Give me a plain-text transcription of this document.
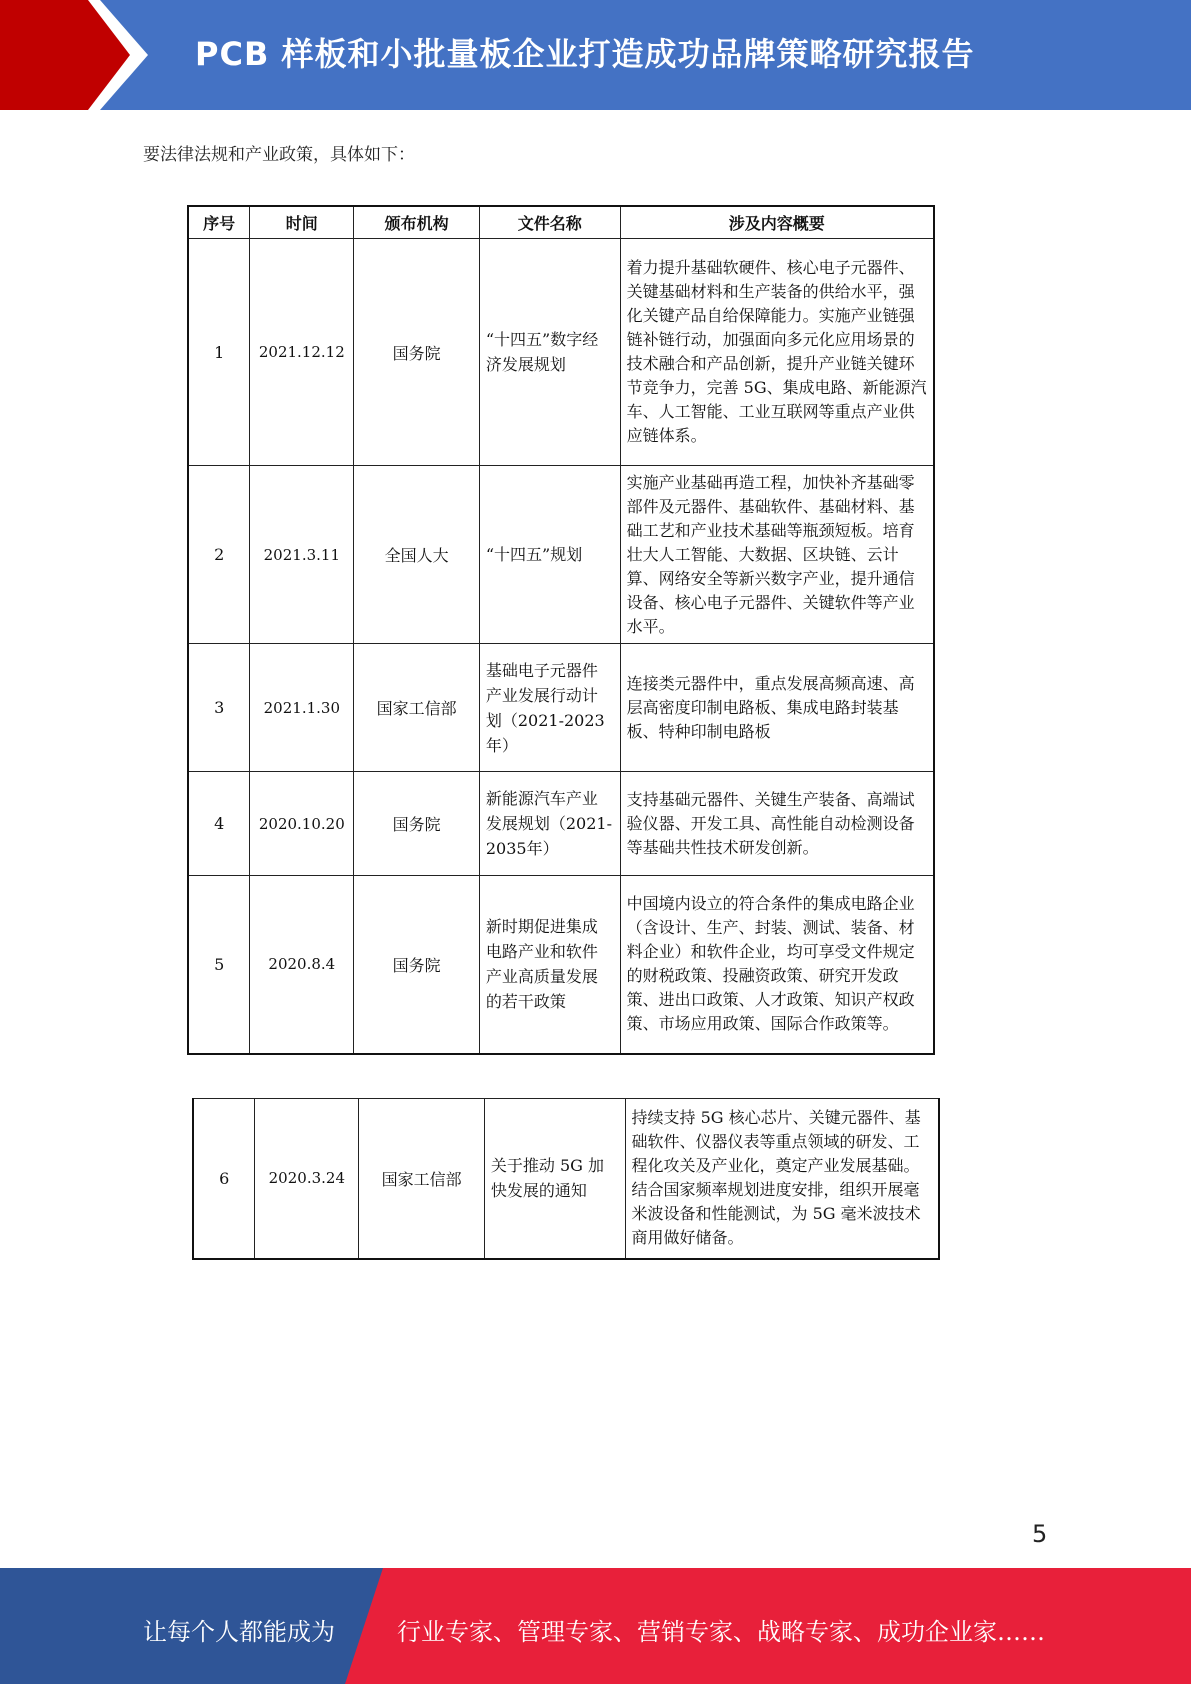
PCB 样板和小批量板企业打造成功品牌策略研究报告
要法律法规和产业政策，具体如下：
序号	时间	颁布机构	文件名称	涉及内容概要
1	2021.12.12	国务院	“十四五”数字经济发展规划	着力提升基础软硬件、核心电子元器件、关键基础材料和生产装备的供给水平，强化关键产品自给保障能力。实施产业链强链补链行动，加强面向多元化应用场景的技术融合和产品创新，提升产业链关键环节竞争力，完善 5G、集成电路、新能源汽车、人工智能、工业互联网等重点产业供应链体系。
2	2021.3.11	全国人大	“十四五”规划	实施产业基础再造工程，加快补齐基础零部件及元器件、基础软件、基础材料、基础工艺和产业技术基础等瓶颈短板。培育壮大人工智能、大数据、区块链、云计算、网络安全等新兴数字产业，提升通信设备、核心电子元器件、关键软件等产业水平。
3	2021.1.30	国家工信部	基础电子元器件产业发展行动计划（2021-2023年）	连接类元器件中，重点发展高频高速、高层高密度印制电路板、集成电路封装基板、特种印制电路板
4	2020.10.20	国务院	新能源汽车产业发展规划（2021-2035年）	支持基础元器件、关键生产装备、高端试验仪器、开发工具、高性能自动检测设备等基础共性技术研发创新。
5	2020.8.4	国务院	新时期促进集成电路产业和软件产业高质量发展的若干政策	中国境内设立的符合条件的集成电路企业（含设计、生产、封装、测试、装备、材料企业）和软件企业，均可享受文件规定的财税政策、投融资政策、研究开发政策、进出口政策、人才政策、知识产权政策、市场应用政策、国际合作政策等。
6	2020.3.24	国家工信部	关于推动 5G 加快发展的通知	持续支持 5G 核心芯片、关键元器件、基础软件、仪器仪表等重点领域的研发、工程化攻关及产业化，奠定产业发展基础。结合国家频率规划进度安排，组织开展毫米波设备和性能测试，为 5G 毫米波技术商用做好储备。
5
让每个人都能成为	行业专家、管理专家、营销专家、战略专家、成功企业家……
